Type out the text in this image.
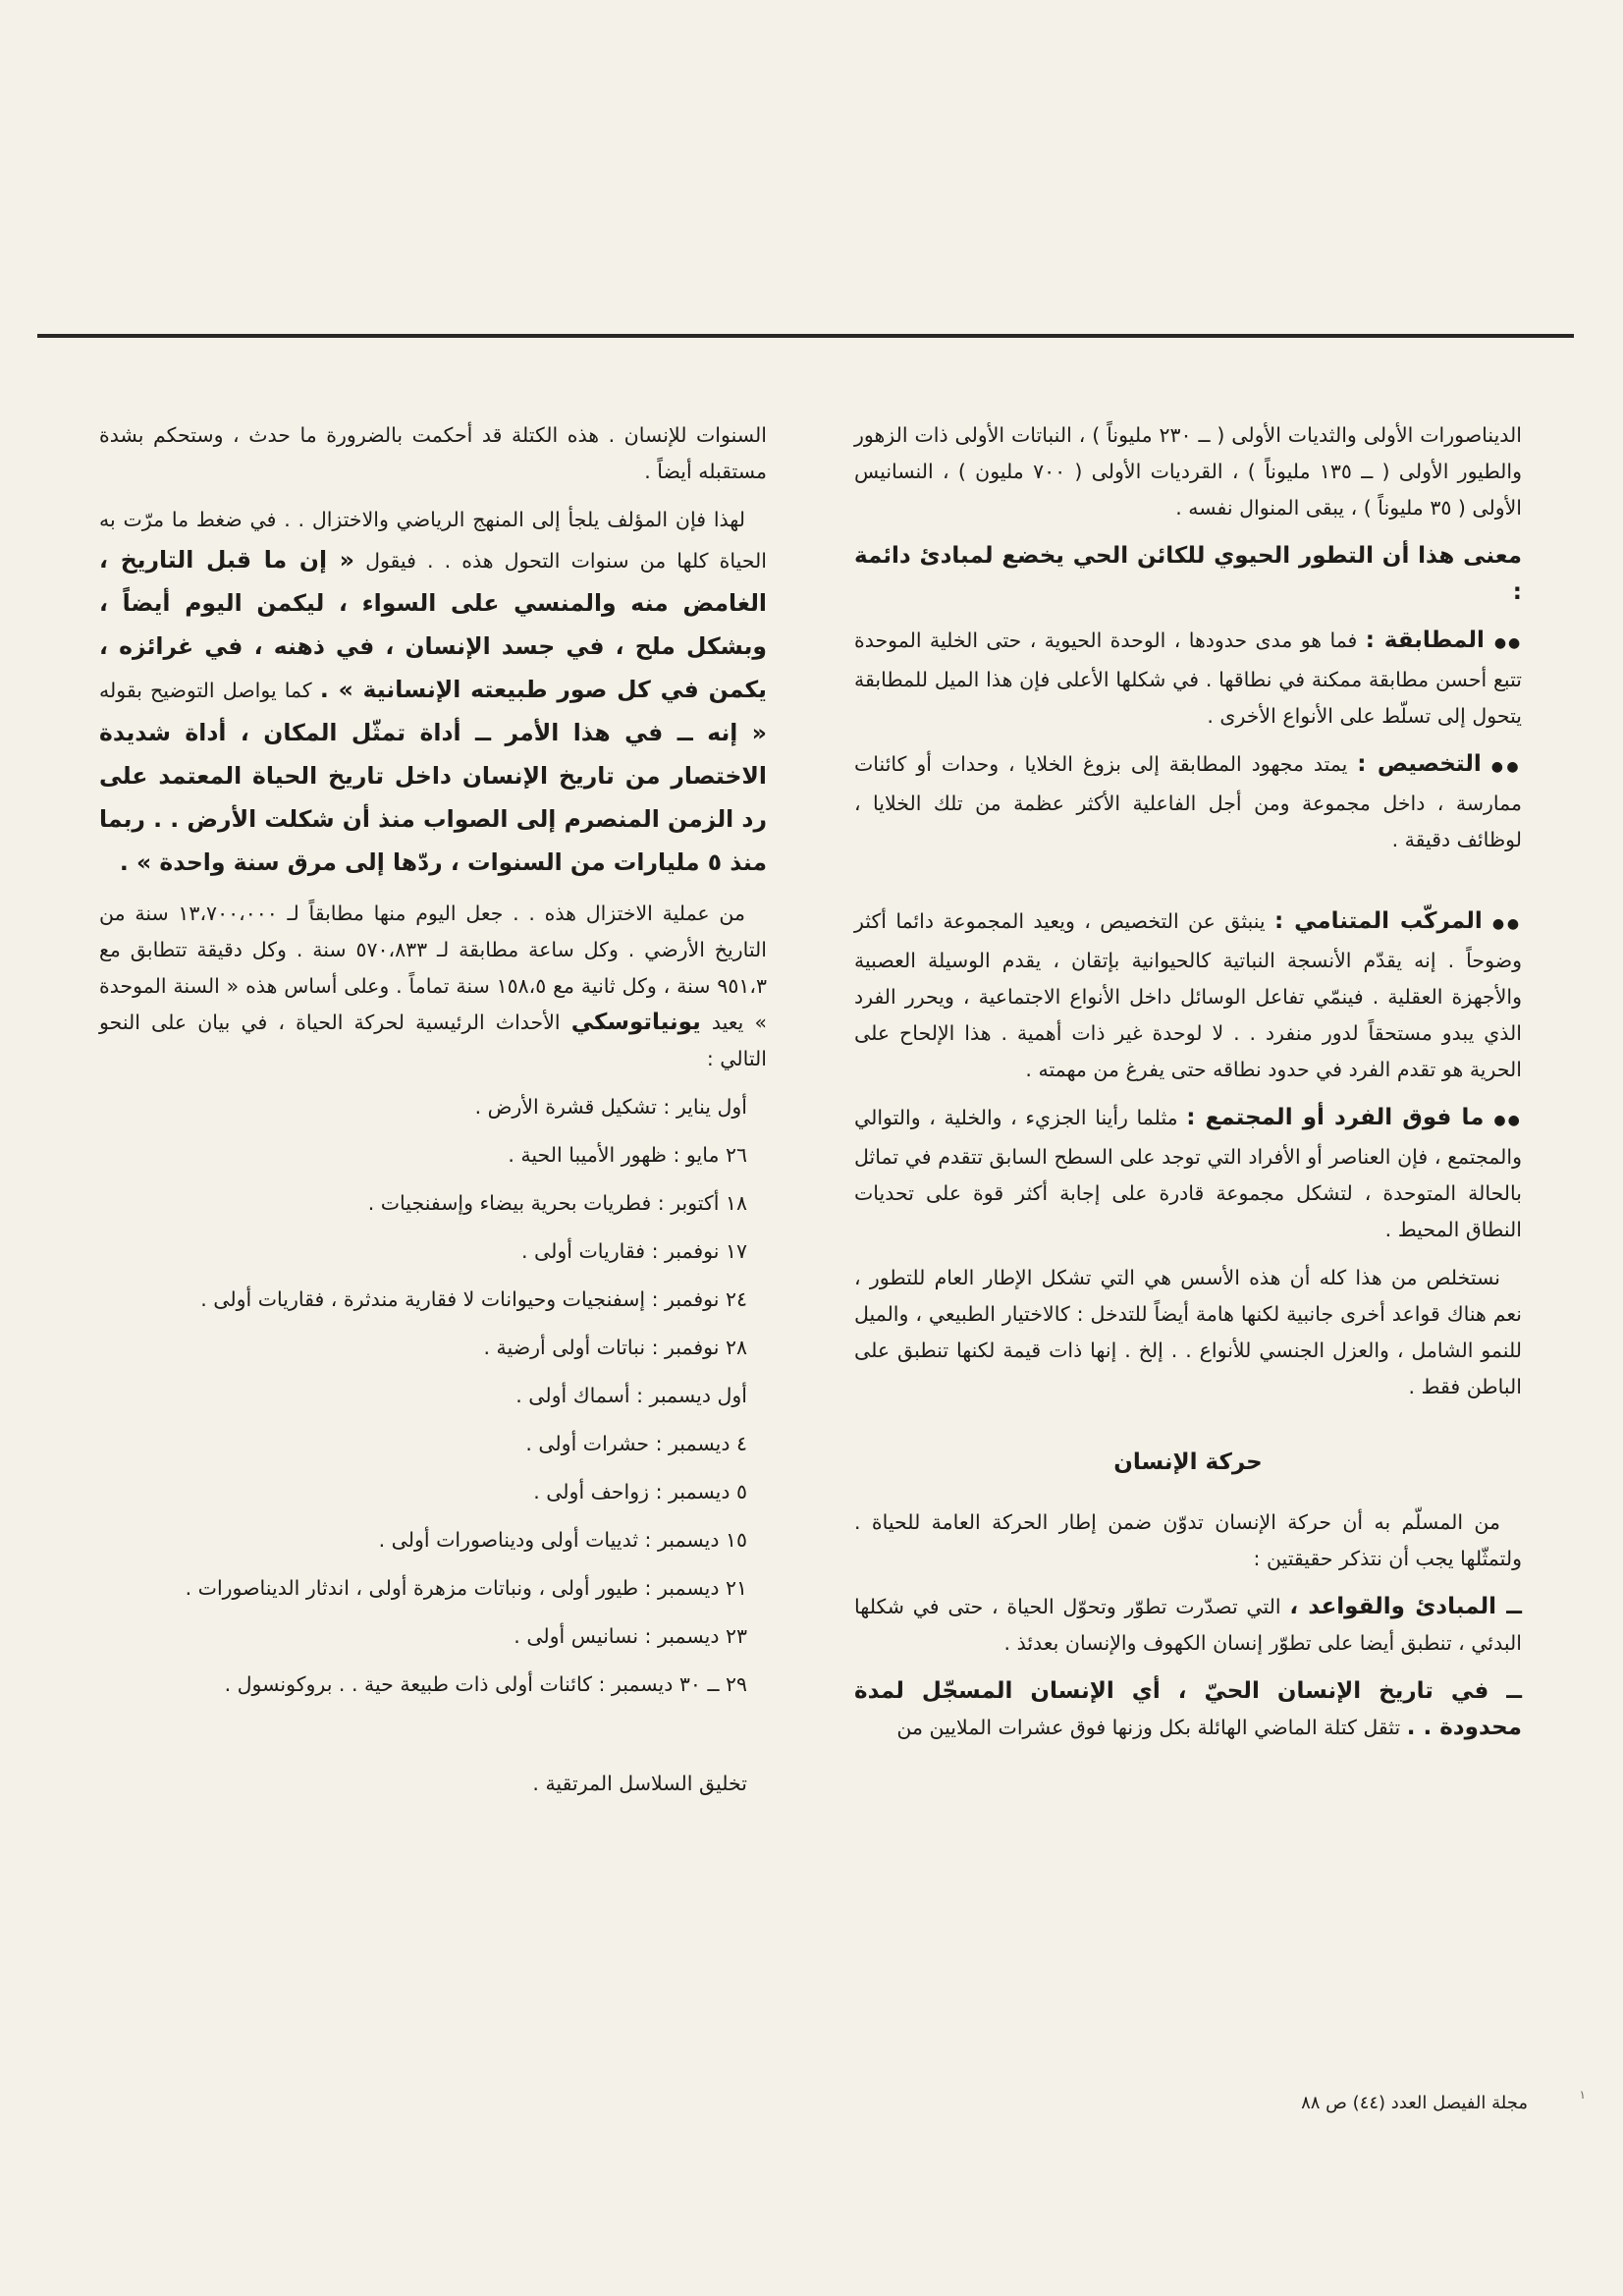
الديناصورات الأولى والثديات الأولى ( ــ ٢٣٠ مليوناً ) ، النباتات الأولى ذات الزهور والطيور الأولى ( ــ ١٣٥ مليوناً ) ، القرديات الأولى ( ٧٠٠ مليون ) ، النسانيس الأولى ( ٣٥ مليوناً ) ، يبقى المنوال نفسه .

معنى هذا أن التطور الحيوي للكائن الحي يخضع لمبادئ دائمة :

●●المطابقة : فما هو مدى حدودها ، الوحدة الحيوية ، حتى الخلية الموحدة تتبع أحسن مطابقة ممكنة في نطاقها . في شكلها الأعلى فإن هذا الميل للمطابقة يتحول إلى تسلّط على الأنواع الأخرى .

●●التخصيص : يمتد مجهود المطابقة إلى بزوغ الخلايا ، وحدات أو كائنات ممارسة ، داخل مجموعة ومن أجل الفاعلية الأكثر عظمة من تلك الخلايا ، لوظائف دقيقة .

●●المركّب المتنامي : ينبثق عن التخصيص ، ويعيد المجموعة دائما أكثر وضوحاً . إنه يقدّم الأنسجة النباتية كالحيوانية بإتقان ، يقدم الوسيلة العصبية والأجهزة العقلية . فينمّي تفاعل الوسائل داخل الأنواع الاجتماعية ، ويحرر الفرد الذي يبدو مستحقاً لدور منفرد . . لا لوحدة غير ذات أهمية . هذا الإلحاح على الحرية هو تقدم الفرد في حدود نطاقه حتى يفرغ من مهمته .

●●ما فوق الفرد أو المجتمع : مثلما رأينا الجزيء ، والخلية ، والتوالي والمجتمع ، فإن العناصر أو الأفراد التي توجد على السطح السابق تتقدم في تماثل بالحالة المتوحدة ، لتشكل مجموعة قادرة على إجابة أكثر قوة على تحديات النطاق المحيط .

نستخلص من هذا كله أن هذه الأسس هي التي تشكل الإطار العام للتطور ، نعم هناك قواعد أخرى جانبية لكنها هامة أيضاً للتدخل : كالاختيار الطبيعي ، والميل للنمو الشامل ، والعزل الجنسي للأنواع . . إلخ . إنها ذات قيمة لكنها تنطبق على الباطن فقط .

حركة الإنسان

من المسلّم به أن حركة الإنسان تدوّن ضمن إطار الحركة العامة للحياة . ولتمثّلها يجب أن نتذكر حقيقتين :

ــ المبادئ والقواعد ، التي تصدّرت تطوّر وتحوّل الحياة ، حتى في شكلها البدئي ، تنطبق أيضا على تطوّر إنسان الكهوف والإنسان بعدئذ .

ــ في تاريخ الإنسان الحيّ ، أي الإنسان المسجّل لمدة محدودة . . تثقل كتلة الماضي الهائلة بكل وزنها فوق عشرات الملايين من

السنوات للإنسان . هذه الكتلة قد أحكمت بالضرورة ما حدث ، وستحكم بشدة مستقبله أيضاً .

لهذا فإن المؤلف يلجأ إلى المنهج الرياضي والاختزال . . في ضغط ما مرّت به الحياة كلها من سنوات التحول هذه . . فيقول « إن ما قبل التاريخ ، الغامض منه والمنسي على السواء ، ليكمن اليوم أيضاً ، وبشكل ملح ، في جسد الإنسان ، في ذهنه ، في غرائزه ، يكمن في كل صور طبيعته الإنسانية » . كما يواصل التوضيح بقوله « إنه ــ في هذا الأمر ــ أداة تمثّل المكان ، أداة شديدة الاختصار من تاريخ الإنسان داخل تاريخ الحياة المعتمد على رد الزمن المنصرم إلى الصواب منذ أن شكلت الأرض . . ربما منذ ٥ مليارات من السنوات ، ردّها إلى مرق سنة واحدة » .

من عملية الاختزال هذه . . جعل اليوم منها مطابقاً لـ ١٣،٧٠٠،٠٠٠ سنة من التاريخ الأرضي . وكل ساعة مطابقة لـ ٥٧٠،٨٣٣ سنة . وكل دقيقة تتطابق مع ٩٥١،٣ سنة ، وكل ثانية مع ١٥٨،٥ سنة تماماً . وعلى أساس هذه « السنة الموحدة » يعيد يونياتوسكي الأحداث الرئيسية لحركة الحياة ، في بيان على النحو التالي :

أول يناير : تشكيل قشرة الأرض .

٢٦ مايو : ظهور الأميبا الحية .

١٨ أكتوبر : فطريات بحرية بيضاء وإسفنجيات .

١٧ نوفمبر : فقاريات أولى .

٢٤ نوفمبر : إسفنجيات وحيوانات لا فقارية مندثرة ، فقاريات أولى .

٢٨ نوفمبر : نباتات أولى أرضية .

أول ديسمبر : أسماك أولى .

٤ ديسمبر : حشرات أولى .

٥ ديسمبر : زواحف أولى .

١٥ ديسمبر : ثدييات أولى وديناصورات أولى .

٢١ ديسمبر : طيور أولى ، ونباتات مزهرة أولى ، اندثار الديناصورات .

٢٣ ديسمبر : نسانيس أولى .

٢٩ ــ ٣٠ ديسمبر : كائنات أولى ذات طبيعة حية . . بروكونسول .

تخليق السلاسل المرتقية .

مجلة الفيصل العدد (٤٤) ص ٨٨	١
